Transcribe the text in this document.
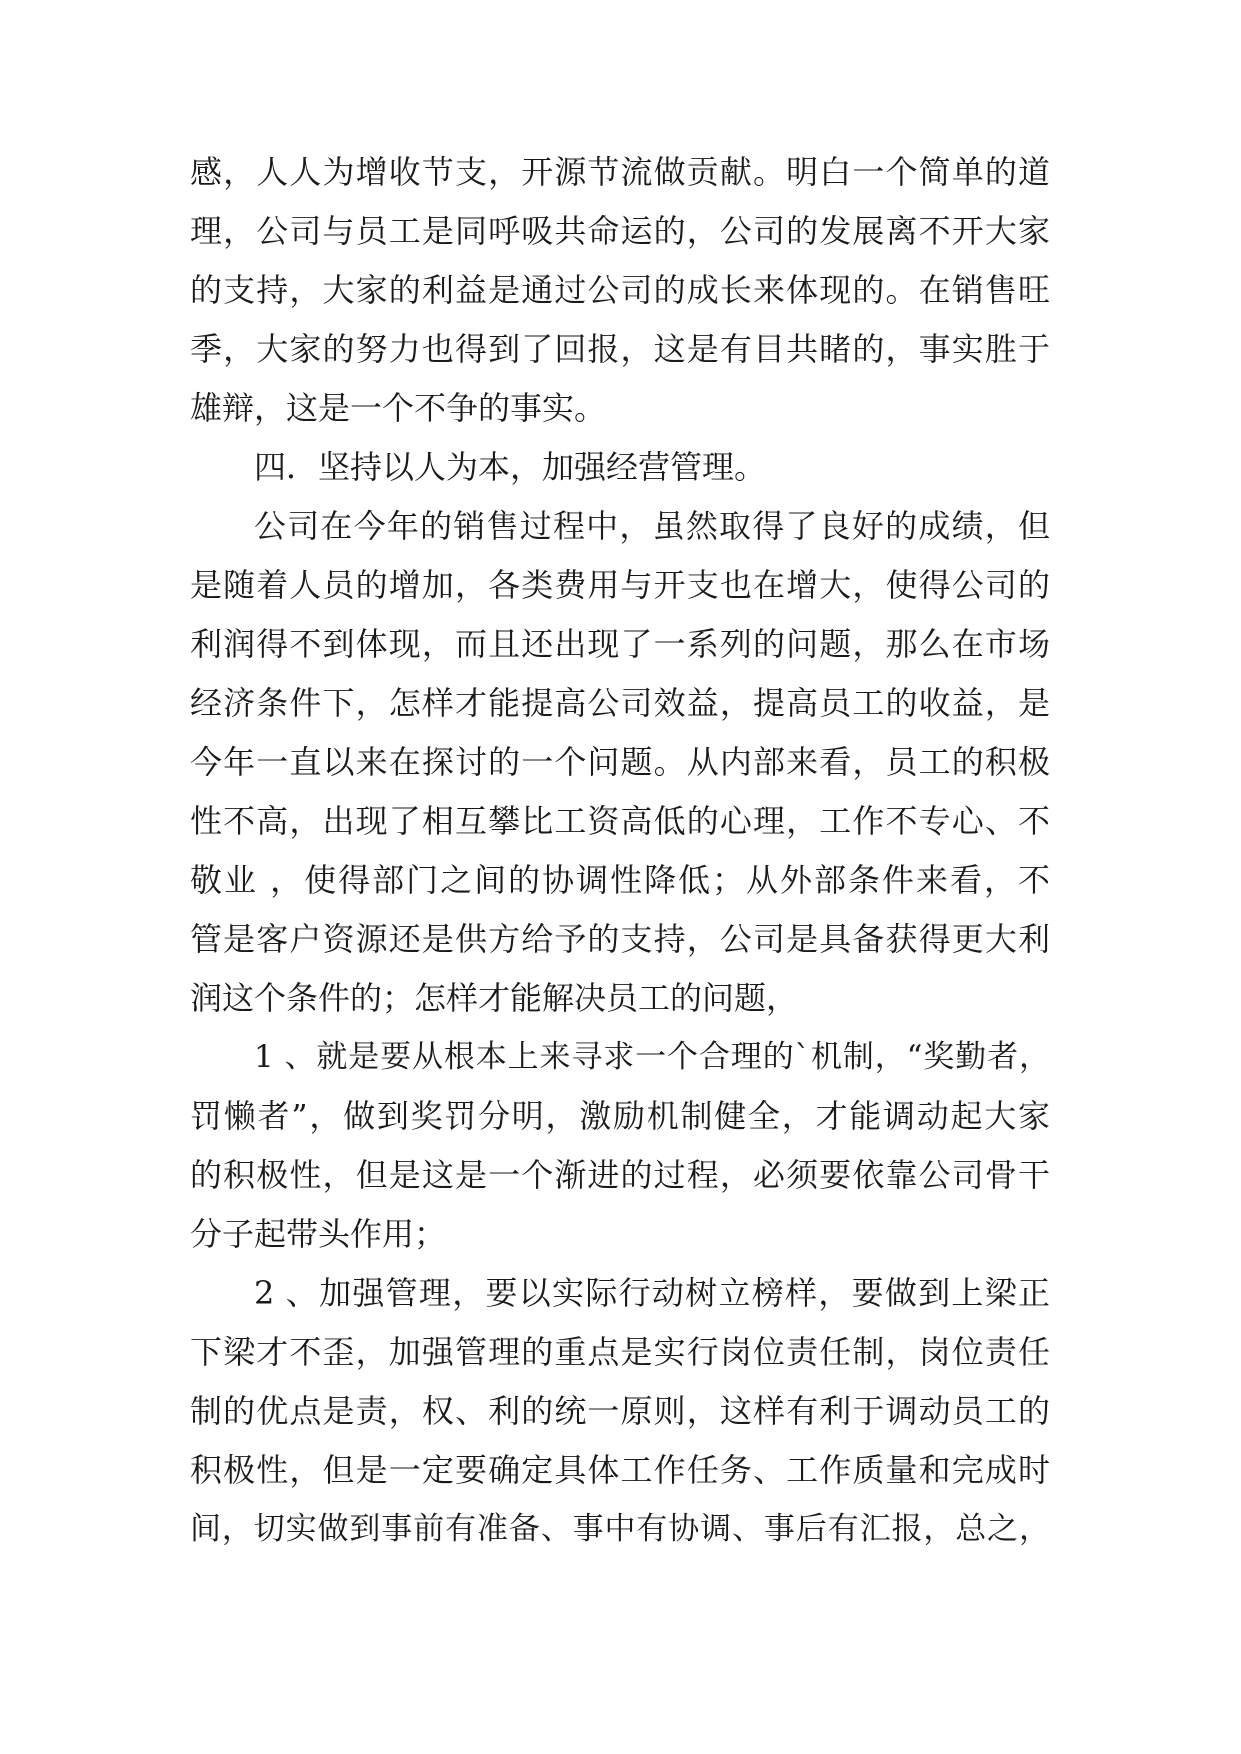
感，人人为增收节支，开源节流做贡献。明白一个简单的道
理，公司与员工是同呼吸共命运的，公司的发展离不开大家
的支持，大家的利益是通过公司的成长来体现的。在销售旺
季，大家的努力也得到了回报，这是有目共睹的，事实胜于
雄辩，这是一个不争的事实。
四．坚持以人为本，加强经营管理。
公司在今年的销售过程中，虽然取得了良好的成绩，但
是随着人员的增加，各类费用与开支也在增大，使得公司的
利润得不到体现，而且还出现了一系列的问题，那么在市场
经济条件下，怎样才能提高公司效益，提高员工的收益，是
今年一直以来在探讨的一个问题。从内部来看，员工的积极
性不高，出现了相互攀比工资高低的心理，工作不专心、不
敬业 ，使得部门之间的协调性降低；从外部条件来看，不
管是客户资源还是供方给予的支持，公司是具备获得更大利
润这个条件的；怎样才能解决员工的问题，
1 、就是要从根本上来寻求一个合理的`机制，“奖勤者，
罚懒者”，做到奖罚分明，激励机制健全，才能调动起大家
的积极性，但是这是一个渐进的过程，必须要依靠公司骨干
分子起带头作用；
2 、加强管理，要以实际行动树立榜样，要做到上梁正
下梁才不歪，加强管理的重点是实行岗位责任制，岗位责任
制的优点是责，权、利的统一原则，这样有利于调动员工的
积极性，但是一定要确定具体工作任务、工作质量和完成时
间，切实做到事前有准备、事中有协调、事后有汇报，总之，
